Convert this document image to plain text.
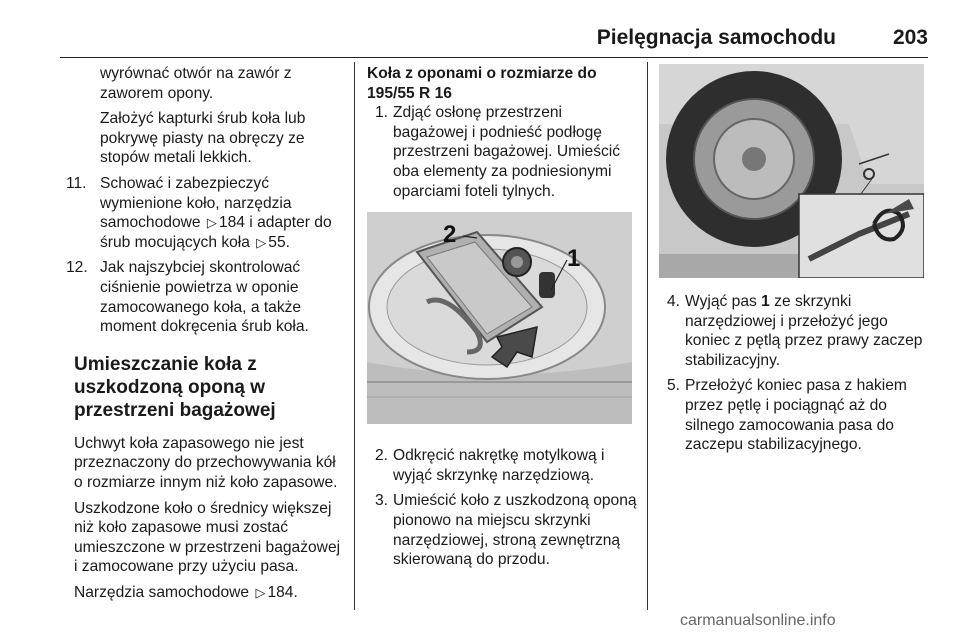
Pielęgnacja samochodu	203

wyrównać otwór na zawór z zaworem opony.

Założyć kapturki śrub koła lub pokrywę piasty na obręczy ze stopów metali lekkich.

11. Schować i zabezpieczyć wymienione koło, narzędzia samochodowe ▷ 184 i adapter do śrub mocujących koła ▷ 55.
12. Jak najszybciej skontrolować ciśnienie powietrza w oponie zamocowanego koła, a także moment dokręcenia śrub koła.
Umieszczanie koła z uszkodzoną oponą w przestrzeni bagażowej

Uchwyt koła zapasowego nie jest przeznaczony do przechowywania kół o rozmiarze innym niż koło zapasowe.

Uszkodzone koło o średnicy większej niż koło zapasowe musi zostać umieszczone w przestrzeni bagażowej i zamocowane przy użyciu pasa.

Narzędzia samochodowe ▷ 184.

Koła z oponami o rozmiarze do 195/55 R 16
1. Zdjąć osłonę przestrzeni bagażowej i podnieść podłogę przestrzeni bagażowej. Umieścić oba elementy za podniesionymi oparciami foteli tylnych.
1
2
2. Odkręcić nakrętkę motylkową i wyjąć skrzynkę narzędziową.
3. Umieścić koło z uszkodzoną oponą pionowo na miejscu skrzynki narzędziowej, stroną zewnętrzną skierowaną do przodu.
4. Wyjąć pas 1 ze skrzynki narzędziowej i przełożyć jego koniec z pętlą przez prawy zaczep stabilizacyjny.
5. Przełożyć koniec pasa z hakiem przez pętlę i pociągnąć aż do silnego zamocowania pasa do zaczepu stabilizacyjnego.
carmanualsonline.info
